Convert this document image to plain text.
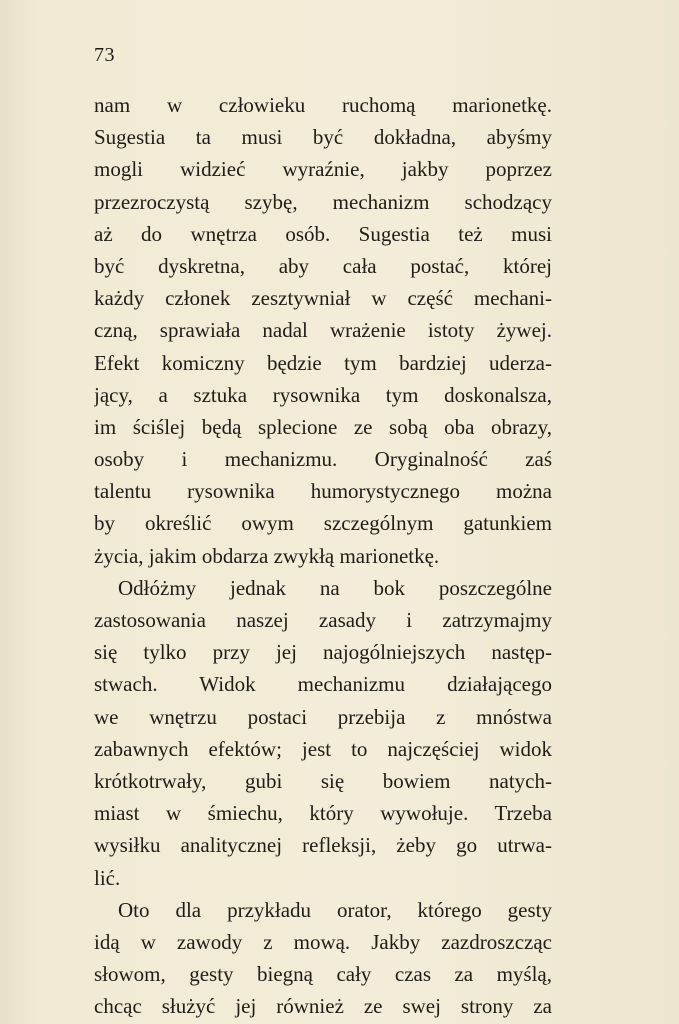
73
nam w człowieku ruchomą marionetkę.
Sugestia ta musi być dokładna, abyśmy
mogli widzieć wyraźnie, jakby poprzez
przezroczystą szybę, mechanizm schodzący
aż do wnętrza osób. Sugestia też musi
być dyskretna, aby cała postać, której
każdy członek zesztywniał w część mechani-
czną, sprawiała nadal wrażenie istoty żywej.
Efekt komiczny będzie tym bardziej uderza-
jący, a sztuka rysownika tym doskonalsza,
im ściślej będą splecione ze sobą oba obrazy,
osoby i mechanizmu. Oryginalność zaś
talentu rysownika humorystycznego można
by określić owym szczególnym gatunkiem
życia, jakim obdarza zwykłą marionetkę.
Odłóżmy jednak na bok poszczególne
zastosowania naszej zasady i zatrzymajmy
się tylko przy jej najogólniejszych następ-
stwach. Widok mechanizmu działającego
we wnętrzu postaci przebija z mnóstwa
zabawnych efektów; jest to najczęściej widok
krótkotrwały, gubi się bowiem natych-
miast w śmiechu, który wywołuje. Trzeba
wysiłku analitycznej refleksji, żeby go utrwa-
lić.
Oto dla przykładu orator, którego gesty
idą w zawody z mową. Jakby zazdroszcząc
słowom, gesty biegną cały czas za myślą,
chcąc służyć jej również ze swej strony za
